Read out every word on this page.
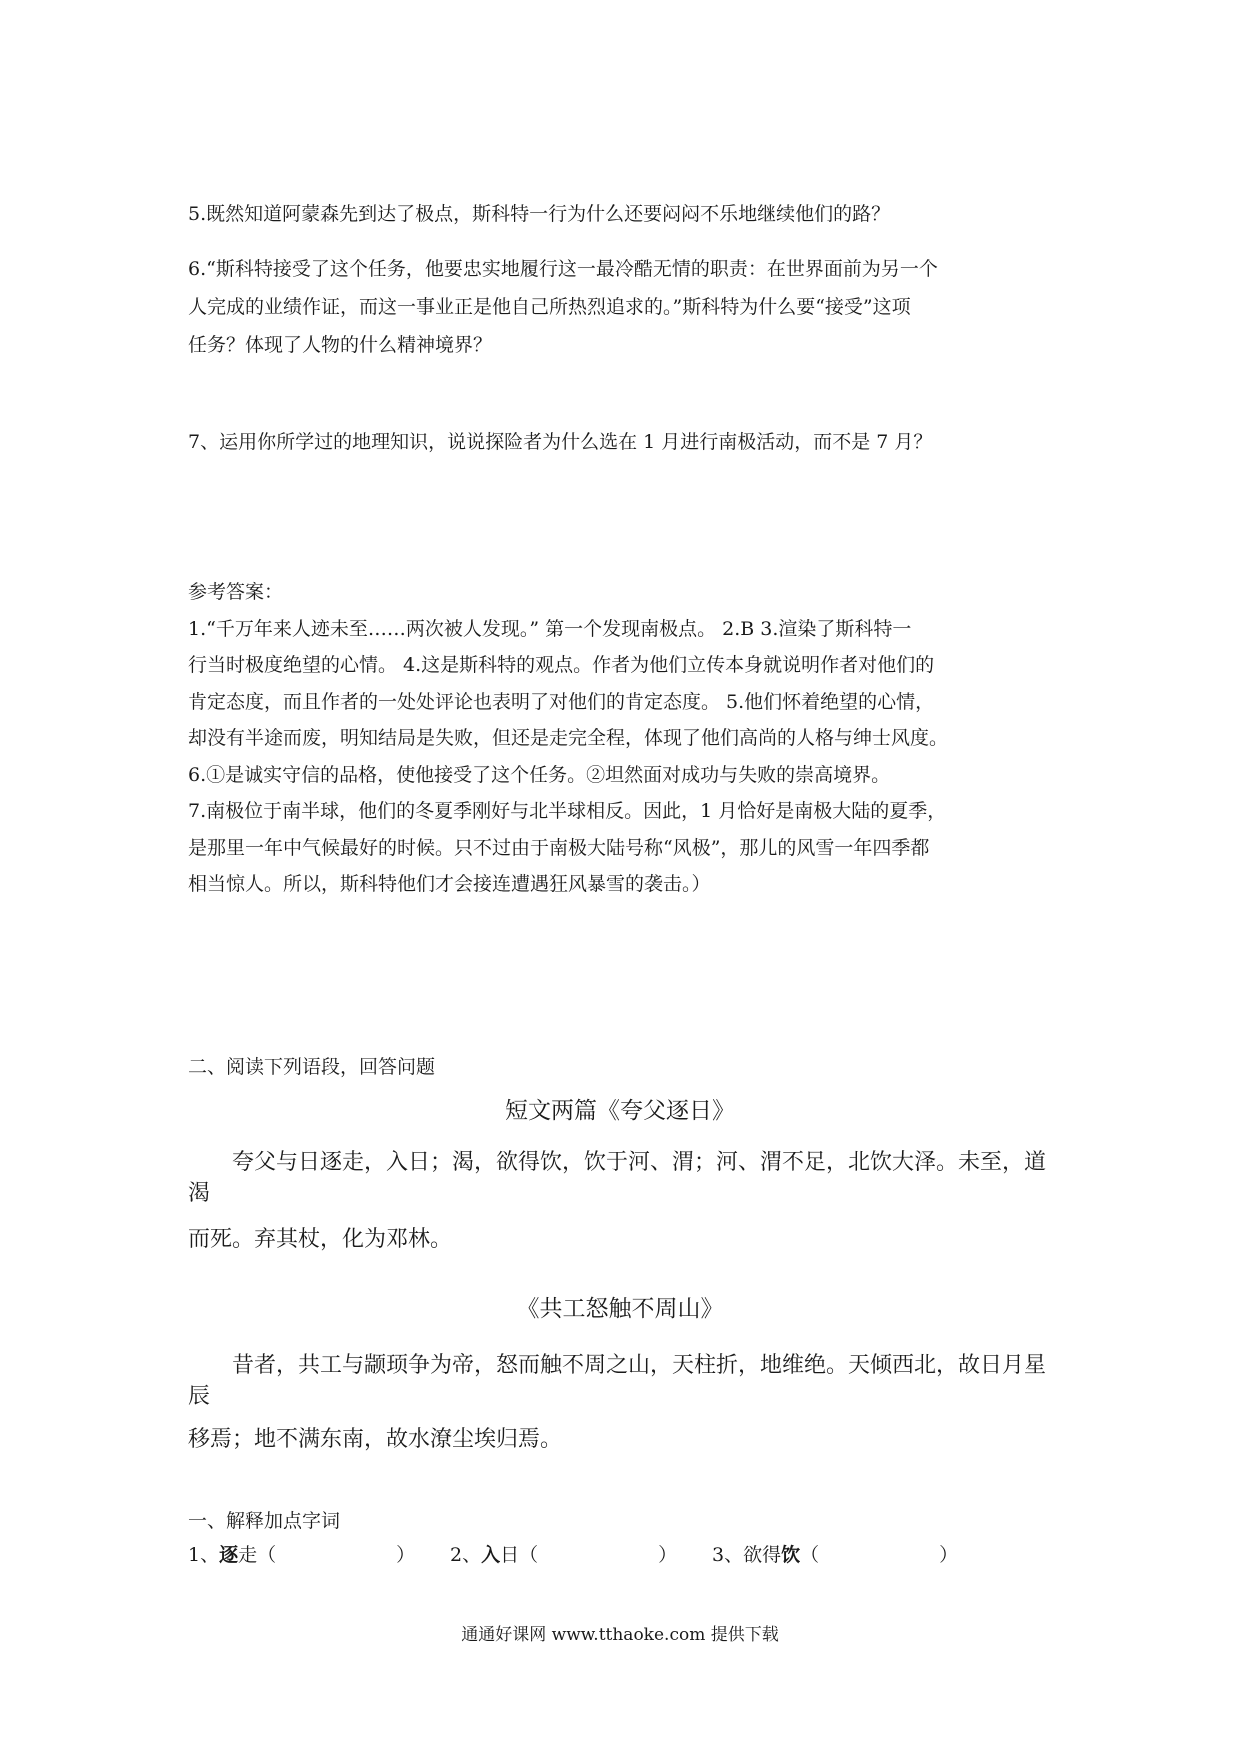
5.既然知道阿蒙森先到达了极点，斯科特一行为什么还要闷闷不乐地继续他们的路？

6.“斯科特接受了这个任务，他要忠实地履行这一最冷酷无情的职责：在世界面前为另一个

人完成的业绩作证，而这一事业正是他自己所热烈追求的。”斯科特为什么要“接受”这项

任务？体现了人物的什么精神境界？

7、运用你所学过的地理知识，说说探险者为什么选在 1 月进行南极活动，而不是 7 月？

参考答案：

1.“千万年来人迹未至……两次被人发现。” 第一个发现南极点。 2.B 3.渲染了斯科特一

行当时极度绝望的心情。 4.这是斯科特的观点。作者为他们立传本身就说明作者对他们的

肯定态度，而且作者的一处处评论也表明了对他们的肯定态度。 5.他们怀着绝望的心情，

却没有半途而废，明知结局是失败，但还是走完全程，体现了他们高尚的人格与绅士风度。

6.①是诚实守信的品格，使他接受了这个任务。②坦然面对成功与失败的崇高境界。

7.南极位于南半球，他们的冬夏季刚好与北半球相反。因此，1 月恰好是南极大陆的夏季，

是那里一年中气候最好的时候。只不过由于南极大陆号称“风极”，那儿的风雪一年四季都

相当惊人。所以，斯科特他们才会接连遭遇狂风暴雪的袭击。）

二、阅读下列语段，回答问题

短文两篇《夸父逐日》

夸父与日逐走，入日；渴，欲得饮，饮于河、渭；河、渭不足，北饮大泽。未至，道渴

而死。弃其杖，化为邓林。

《共工怒触不周山》

昔者，共工与颛顼争为帝，怒而触不周之山，天柱折，地维绝。天倾西北，故日月星辰

移焉；地不满东南，故水潦尘埃归焉。

一、解释加点字词

1、逐走（	）	2、入日（	）	3、欲得饮（	）
通通好课网 www.tthaoke.com 提供下载
